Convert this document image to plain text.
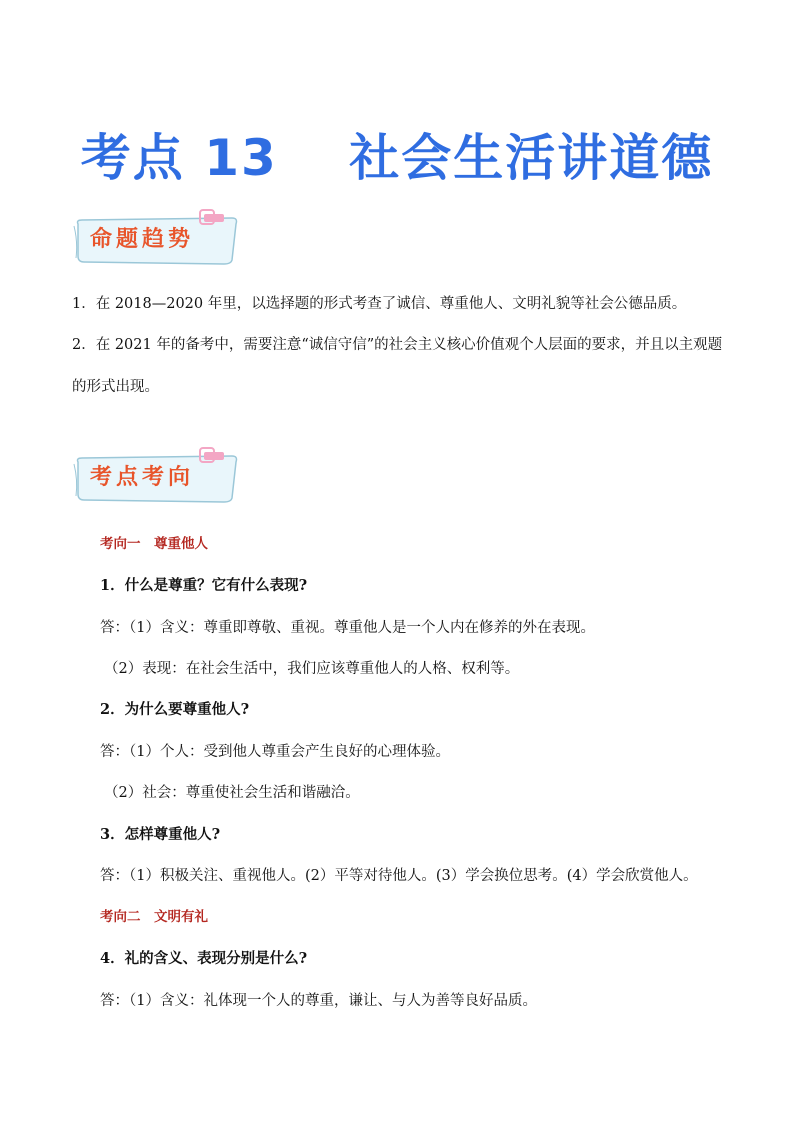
考点 13　 社会生活讲道德
命题趋势
1．在 2018—2020 年里，以选择题的形式考查了诚信、尊重他人、文明礼貌等社会公德品质。
2．在 2021 年的备考中，需要注意“诚信守信”的社会主义核心价值观个人层面的要求，并且以主观题
的形式出现。
考点考向
考向一　尊重他人
1．什么是尊重？它有什么表现?
答：（1）含义：尊重即尊敬、重视。尊重他人是一个人内在修养的外在表现。
（2）表现：在社会生活中，我们应该尊重他人的人格、权利等。
2．为什么要尊重他人?
答：（1）个人：受到他人尊重会产生良好的心理体验。
（2）社会：尊重使社会生活和谐融洽。
3．怎样尊重他人?
答：（1）积极关注、重视他人。(2）平等对待他人。(3）学会换位思考。(4）学会欣赏他人。
考向二　文明有礼
4．礼的含义、表现分别是什么?
答：（1）含义：礼体现一个人的尊重，谦让、与人为善等良好品质。
